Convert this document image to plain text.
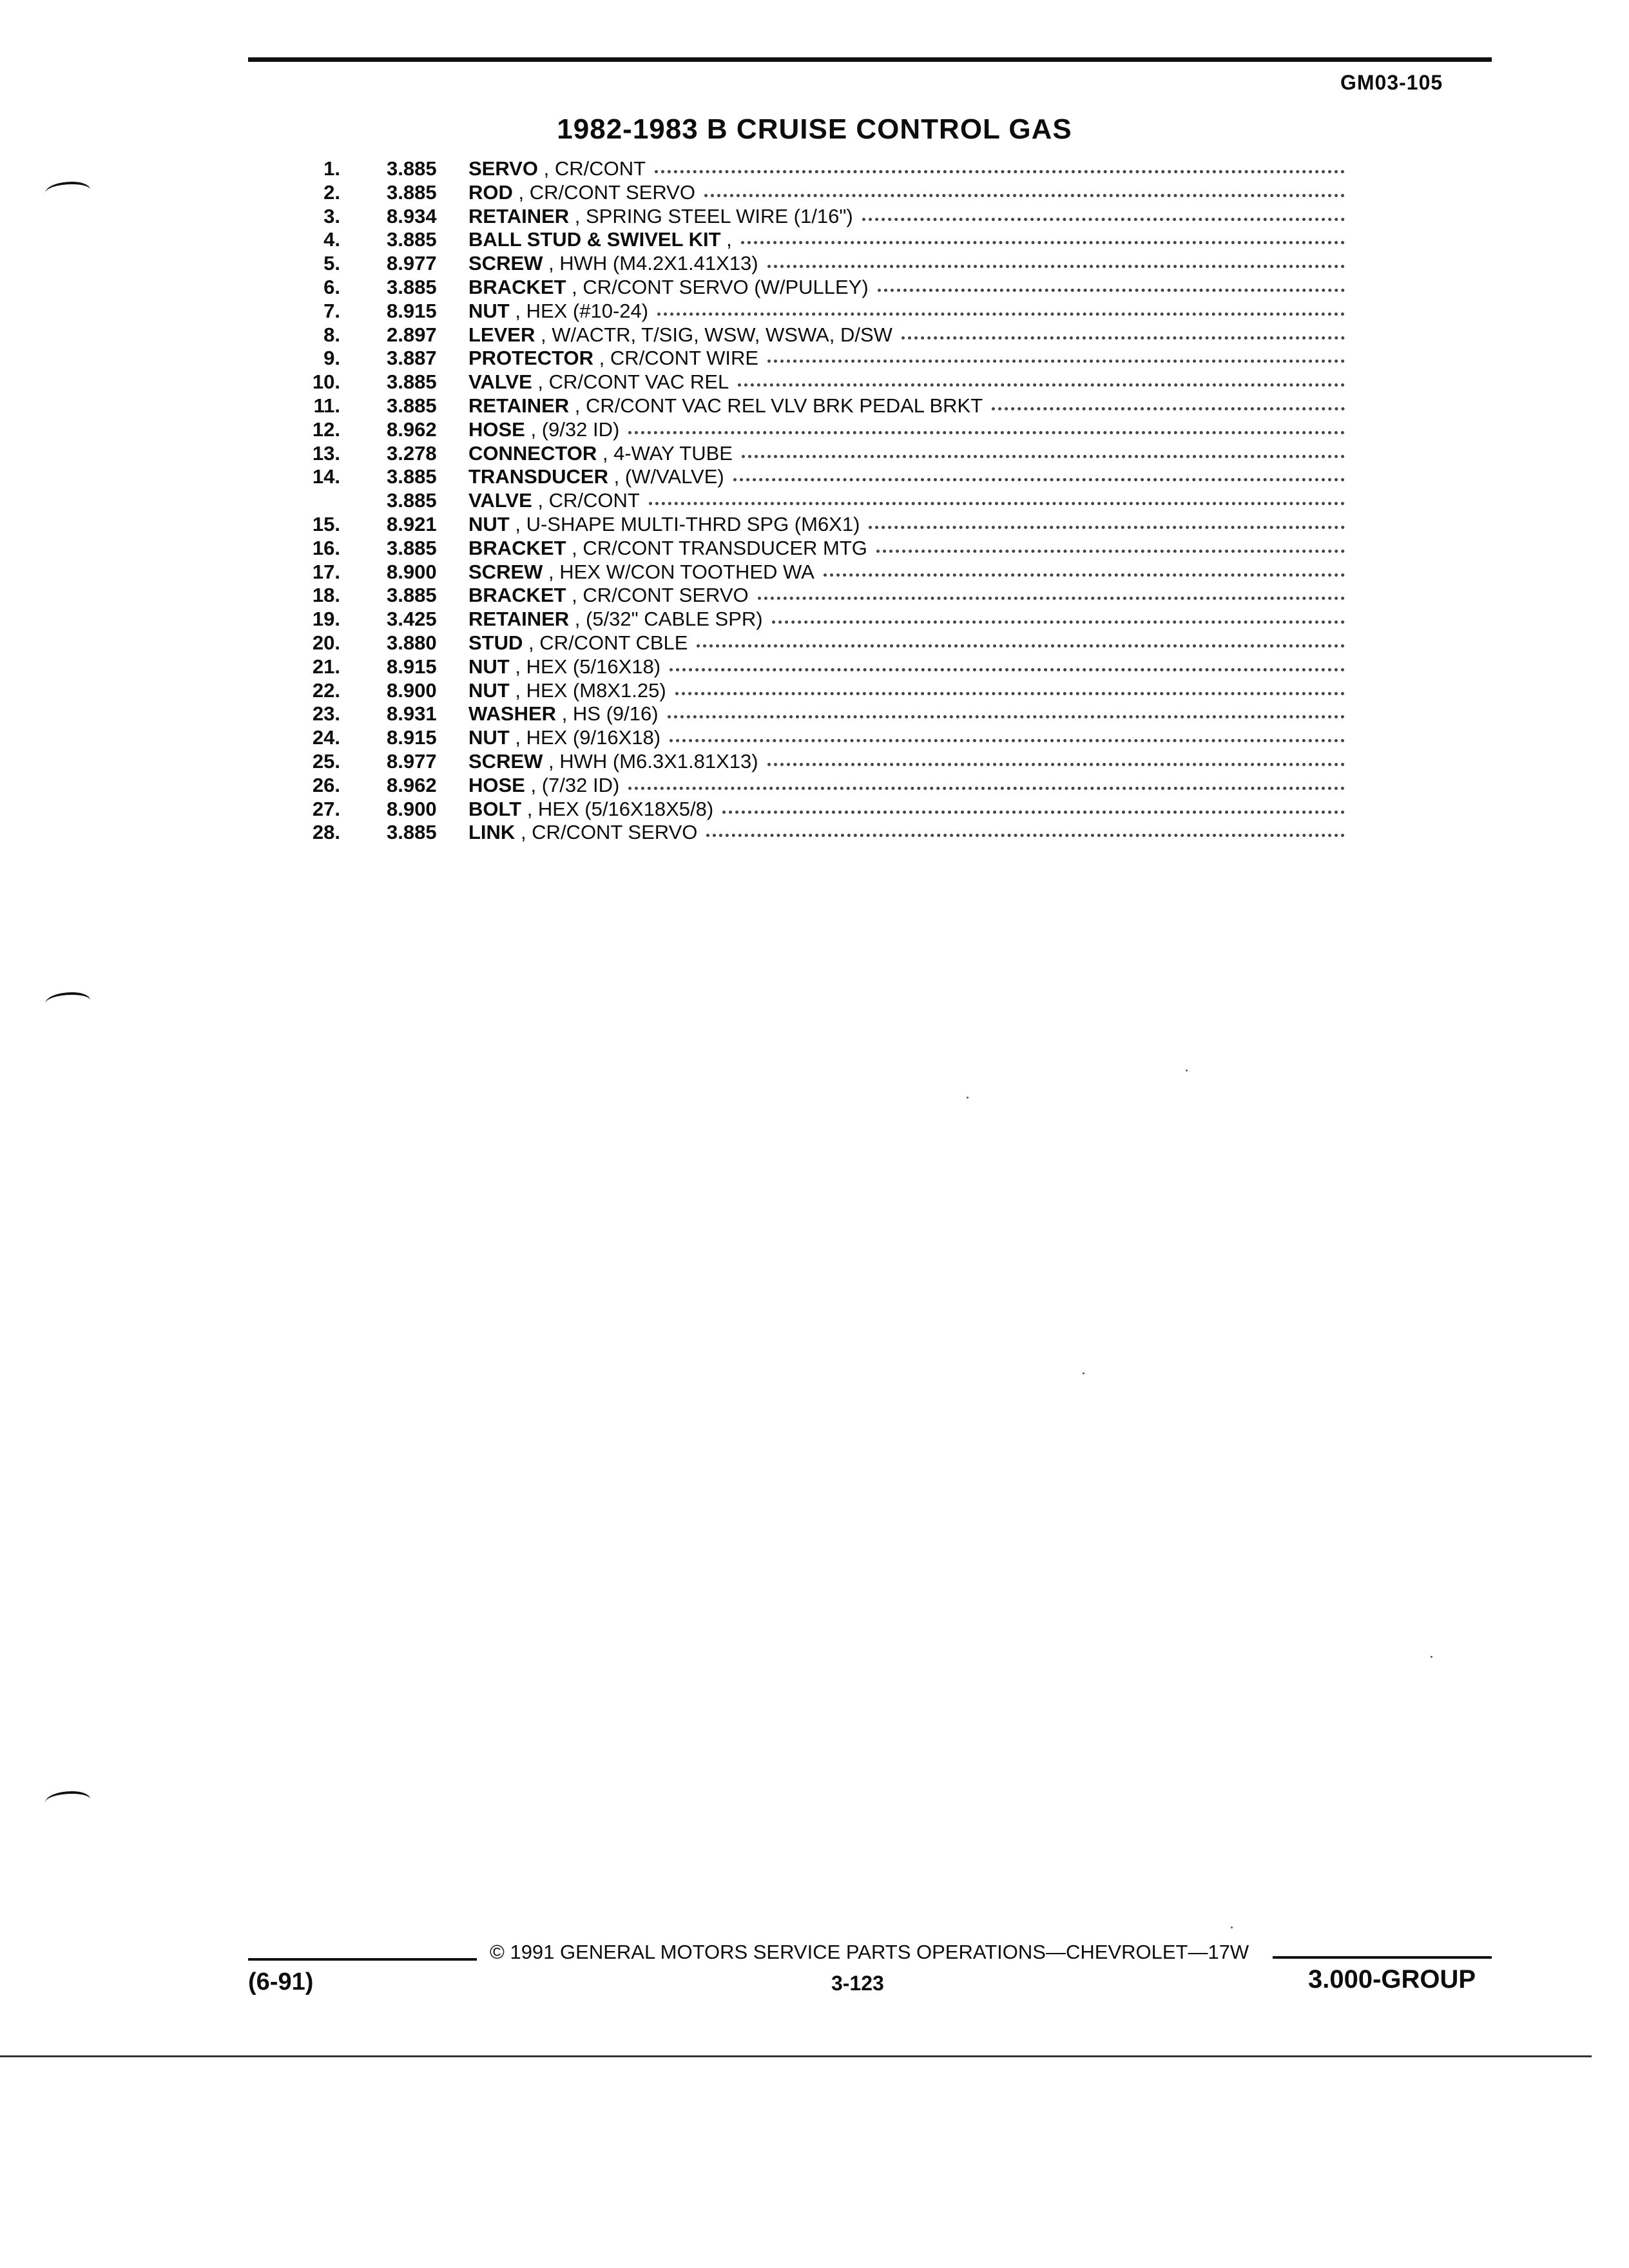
GM03-105
1982-1983 B CRUISE CONTROL GAS
1. 3.885 SERVO , CR/CONT
2. 3.885 ROD , CR/CONT SERVO
3. 8.934 RETAINER , SPRING STEEL WIRE (1/16")
4. 3.885 BALL STUD & SWIVEL KIT ,
5. 8.977 SCREW , HWH (M4.2X1.41X13)
6. 3.885 BRACKET , CR/CONT SERVO (W/PULLEY)
7. 8.915 NUT , HEX (#10-24)
8. 2.897 LEVER , W/ACTR, T/SIG, WSW, WSWA, D/SW
9. 3.887 PROTECTOR , CR/CONT WIRE
10. 3.885 VALVE , CR/CONT VAC REL
11. 3.885 RETAINER , CR/CONT VAC REL VLV BRK PEDAL BRKT
12. 8.962 HOSE , (9/32 ID)
13. 3.278 CONNECTOR , 4-WAY TUBE
14. 3.885 TRANSDUCER , (W/VALVE)
3.885 VALVE , CR/CONT
15. 8.921 NUT , U-SHAPE MULTI-THRD SPG (M6X1)
16. 3.885 BRACKET , CR/CONT TRANSDUCER MTG
17. 8.900 SCREW , HEX W/CON TOOTHED WA
18. 3.885 BRACKET , CR/CONT SERVO
19. 3.425 RETAINER , (5/32" CABLE SPR)
20. 3.880 STUD , CR/CONT CBLE
21. 8.915 NUT , HEX (5/16X18)
22. 8.900 NUT , HEX (M8X1.25)
23. 8.931 WASHER , HS (9/16)
24. 8.915 NUT , HEX (9/16X18)
25. 8.977 SCREW , HWH (M6.3X1.81X13)
26. 8.962 HOSE , (7/32 ID)
27. 8.900 BOLT , HEX (5/16X18X5/8)
28. 3.885 LINK , CR/CONT SERVO
© 1991 GENERAL MOTORS SERVICE PARTS OPERATIONS—CHEVROLET—17W
(6-91)	3-123	3.000-GROUP
